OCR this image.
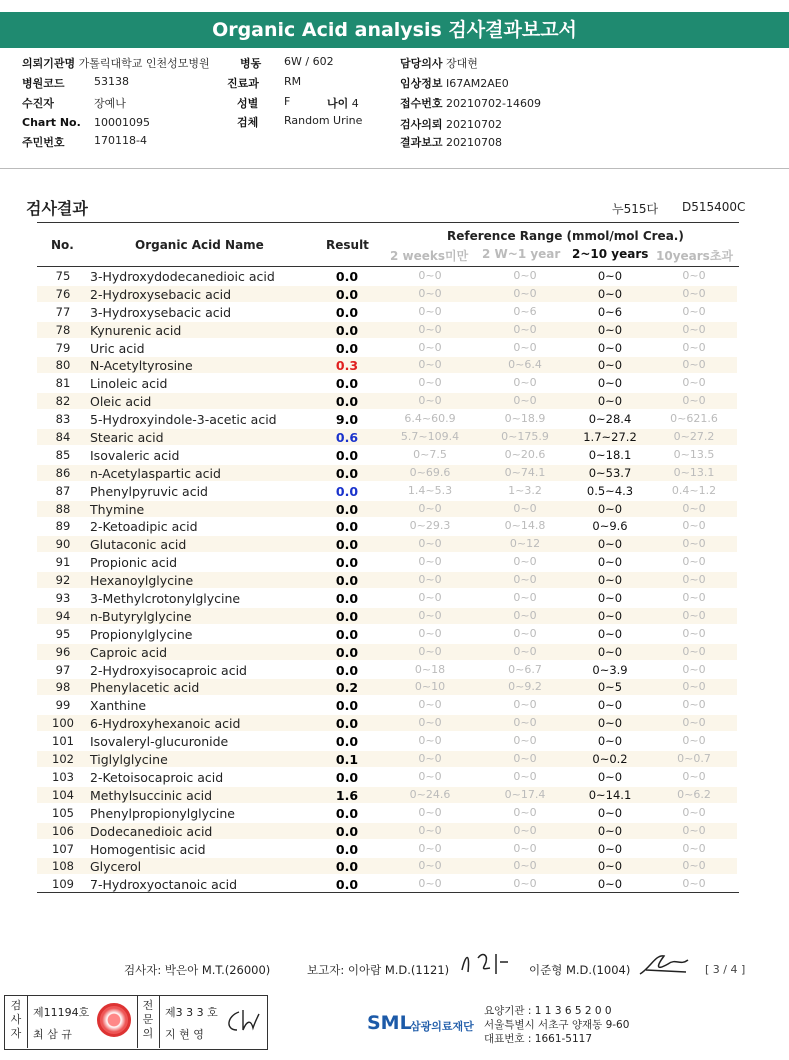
Organic Acid analysis 검사결과보고서
의뢰기관명 가톨릭대학교 인천성모병원	병동 6W / 602	담당의사 장대현
병원코드	53138	진료과 RM	임상정보 I67AM2AE0
수진자	장예나	성별 F	나이 4	접수번호 20210702-14609
Chart No. 10001095	검체 Random Urine	검사의뢰 20210702
주민번호	170118-4	결과보고 20210708
검사결과	누515다 D515400C
No.	Organic Acid Name	Result
Reference Range (mmol/mol Crea.)
2 weeks미만 2 W~1 year 2~10 years 10years초과
75	3-Hydroxydodecanedioic acid	0.0	0~0	0~0	0~0	0~0
76	2-Hydroxysebacic acid	0.0	0~0	0~0	0~0	0~0
77	3-Hydroxysebacic acid	0.0	0~0	0~6	0~6	0~0
78	Kynurenic acid	0.0	0~0	0~0	0~0	0~0
79	Uric acid	0.0	0~0	0~0	0~0	0~0
80	N-Acetyltyrosine	0.3	0~0	0~6.4	0~0	0~0
81	Linoleic acid	0.0	0~0	0~0	0~0	0~0
82	Oleic acid	0.0	0~0	0~0	0~0	0~0
83	5-Hydroxyindole-3-acetic acid	9.0	6.4~60.9	0~18.9	0~28.4	0~621.6
84	Stearic acid	0.6	5.7~109.4	0~175.9	1.7~27.2	0~27.2
85	Isovaleric acid	0.0	0~7.5	0~20.6	0~18.1	0~13.5
86	n-Acetylaspartic acid	0.0	0~69.6	0~74.1	0~53.7	0~13.1
87	Phenylpyruvic acid	0.0	1.4~5.3	1~3.2	0.5~4.3	0.4~1.2
88	Thymine	0.0	0~0	0~0	0~0	0~0
89	2-Ketoadipic acid	0.0	0~29.3	0~14.8	0~9.6	0~0
90	Glutaconic acid	0.0	0~0	0~12	0~0	0~0
91	Propionic acid	0.0	0~0	0~0	0~0	0~0
92	Hexanoylglycine	0.0	0~0	0~0	0~0	0~0
93	3-Methylcrotonylglycine	0.0	0~0	0~0	0~0	0~0
94	n-Butyrylglycine	0.0	0~0	0~0	0~0	0~0
95	Propionylglycine	0.0	0~0	0~0	0~0	0~0
96	Caproic acid	0.0	0~0	0~0	0~0	0~0
97	2-Hydroxyisocaproic acid	0.0	0~18	0~6.7	0~3.9	0~0
98	Phenylacetic acid	0.2	0~10	0~9.2	0~5	0~0
99	Xanthine	0.0	0~0	0~0	0~0	0~0
100 6-Hydroxyhexanoic acid	0.0	0~0	0~0	0~0	0~0
101 Isovaleryl-glucuronide	0.0	0~0	0~0	0~0	0~0
102 Tiglylglycine	0.1	0~0	0~0	0~0.2	0~0.7
103 2-Ketoisocaproic acid	0.0	0~0	0~0	0~0	0~0
104 Methylsuccinic acid	1.6	0~24.6	0~17.4	0~14.1	0~6.2
105 Phenylpropionylglycine	0.0	0~0	0~0	0~0	0~0
106 Dodecanedioic acid	0.0	0~0	0~0	0~0	0~0
107 Homogentisic acid	0.0	0~0	0~0	0~0	0~0
108 Glycerol	0.0	0~0	0~0	0~0	0~0
109 7-Hydroxyoctanoic acid	0.0	0~0	0~0	0~0	0~0
검사자: 박은아 M.T.(26000)	보고자: 이아람 M.D.(1121)	이준형 M.D.(1004)	[ 3 / 4 ]
검사자
제11194호
최 삼 규
전문의
제3 3 3 호
지 현 영
SML
삼광의료재단
요양기관 : 1 1 3 6 5 2 0 0
서울특별시 서초구 양재동 9-60
대표번호 : 1661-5117
